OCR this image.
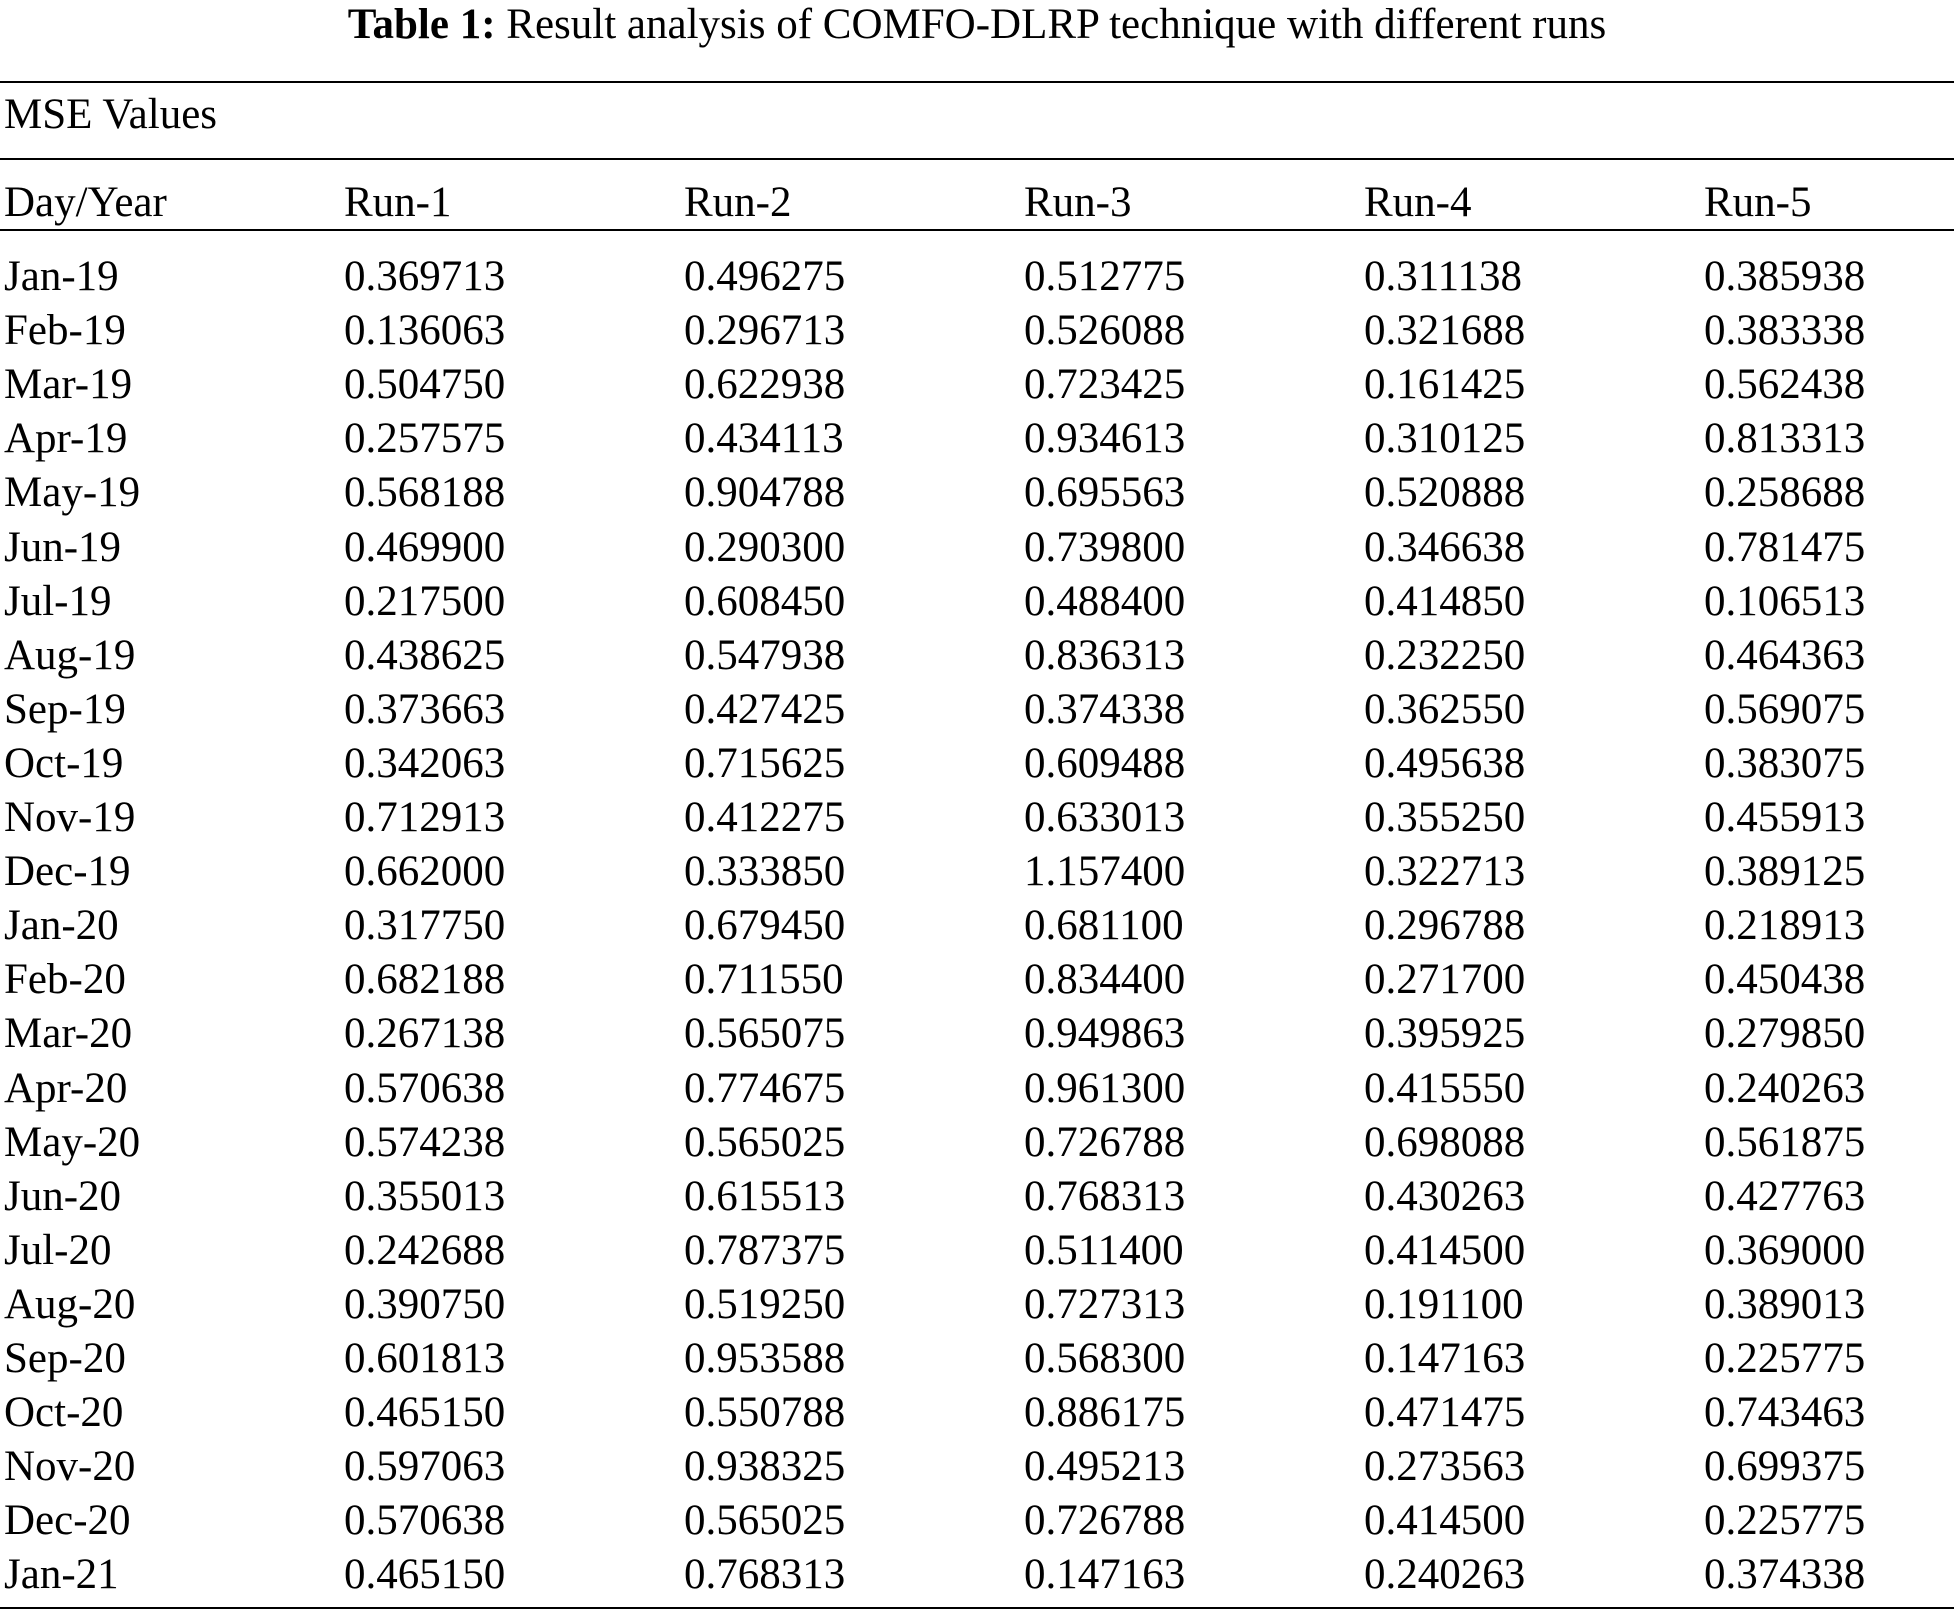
Table 1: Result analysis of COMFO-DLRP technique with different runs
MSE Values
Day/Year	Run-1	Run-2	Run-3	Run-4	Run-5
Jan-19	0.369713	0.496275	0.512775	0.311138	0.385938
Feb-19	0.136063	0.296713	0.526088	0.321688	0.383338
Mar-19	0.504750	0.622938	0.723425	0.161425	0.562438
Apr-19	0.257575	0.434113	0.934613	0.310125	0.813313
May-19	0.568188	0.904788	0.695563	0.520888	0.258688
Jun-19	0.469900	0.290300	0.739800	0.346638	0.781475
Jul-19	0.217500	0.608450	0.488400	0.414850	0.106513
Aug-19	0.438625	0.547938	0.836313	0.232250	0.464363
Sep-19	0.373663	0.427425	0.374338	0.362550	0.569075
Oct-19	0.342063	0.715625	0.609488	0.495638	0.383075
Nov-19	0.712913	0.412275	0.633013	0.355250	0.455913
Dec-19	0.662000	0.333850	1.157400	0.322713	0.389125
Jan-20	0.317750	0.679450	0.681100	0.296788	0.218913
Feb-20	0.682188	0.711550	0.834400	0.271700	0.450438
Mar-20	0.267138	0.565075	0.949863	0.395925	0.279850
Apr-20	0.570638	0.774675	0.961300	0.415550	0.240263
May-20	0.574238	0.565025	0.726788	0.698088	0.561875
Jun-20	0.355013	0.615513	0.768313	0.430263	0.427763
Jul-20	0.242688	0.787375	0.511400	0.414500	0.369000
Aug-20	0.390750	0.519250	0.727313	0.191100	0.389013
Sep-20	0.601813	0.953588	0.568300	0.147163	0.225775
Oct-20	0.465150	0.550788	0.886175	0.471475	0.743463
Nov-20	0.597063	0.938325	0.495213	0.273563	0.699375
Dec-20	0.570638	0.565025	0.726788	0.414500	0.225775
Jan-21	0.465150	0.768313	0.147163	0.240263	0.374338
